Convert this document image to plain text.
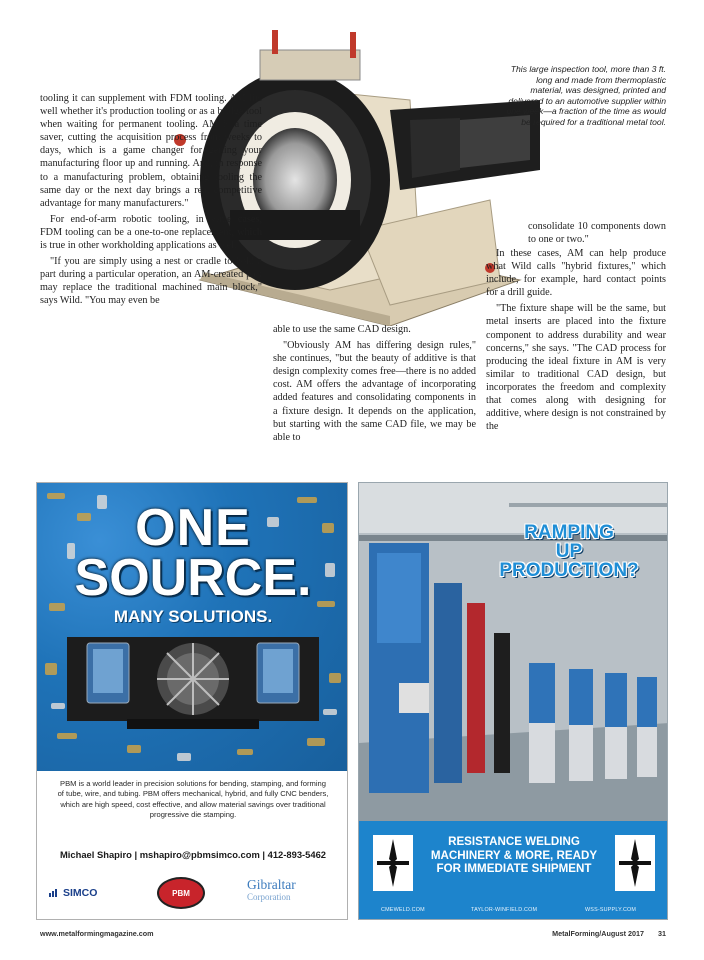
This large inspection tool, more than 3 ft. long and made from thermoplastic material, was designed, printed and delivered to an automotive supplier within one week—a fraction of the time as would be required for a traditional metal tool.

tooling it can supplement with FDM tooling. AM fits well whether it's production tooling or as a bridge tool when waiting for permanent tooling. AM is a time saver, cutting the acquisition process from weeks to days, which is a game changer for getting your manufacturing floor up and running. And, in response to a manufacturing problem, obtaining tooling the same day or the next day brings a real competitive advantage for many manufacturers."

For end-of-arm robotic tooling, in some cases, FDM tooling can be a one-to-one replacement, which is true in other workholding applications as well.

"If you are simply using a nest or cradle to hold a part during a particular operation, an AM-created part may replace the traditional machined main block," says Wild. "You may even be

able to use the same CAD design.

"Obviously AM has differing design rules," she continues, "but the beauty of additive is that design complexity comes free—there is no added cost. AM offers the advantage of incorporating added features and consolidating components in a fixture design. It depends on the application, but starting with the same CAD file, we may be able to

consolidate 10 components down to one or two."

In these cases, AM can help produce what Wild calls "hybrid fixtures," which include, for example, hard contact points for a drill guide.

"The fixture shape will be the same, but metal inserts are placed into the fixture component to address durability and wear concerns," she says. "The CAD process for producing the ideal fixture in AM is very similar to traditional CAD design, but incorporates the freedom and complexity that comes along with designing for additive, where design is not constrained by the

ONE
SOURCE.
MANY SOLUTIONS.
PBM is a world leader in precision solutions for bending, stamping, and forming of tube, wire, and tubing. PBM offers mechanical, hybrid, and fully CNC benders, which are high speed, cost effective, and allow material savings over traditional progressive die stamping.
Michael Shapiro | mshapiro@pbmsimco.com | 412-893-5462
SIMCO	PBM
Gibraltar
Corporation
RAMPING
UP
PRODUCTION?
RESISTANCE WELDING MACHINERY & MORE, READY FOR IMMEDIATE SHIPMENT
CMEWELD.COM	TAYLOR-WINFIELD.COM	WSS-SUPPLY.COM
www.metalformingmagazine.com	MetalForming/August 2017 31
